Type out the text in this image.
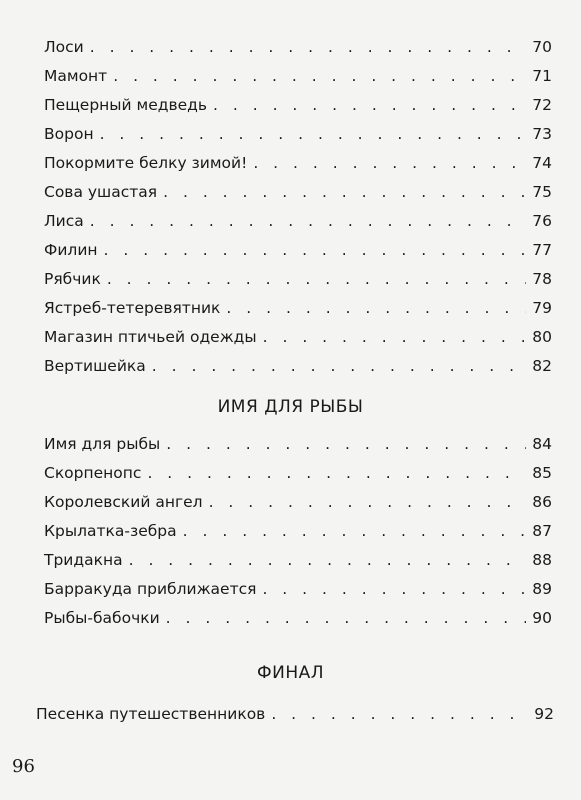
Лоси . . .	70
Мамонт . . .	71
Пещерный медведь . . .	72
Ворон . . .	73
Покормите белку зимой! . . .	74
Сова ушастая . . .	75
Лиса . . .	76
Филин . . .	77
Рябчик . . .	78
Ястреб-тетеревятник . . .	79
Магазин птичьей одежды . . .	80
Вертишейка . . .	82
ИМЯ ДЛЯ РЫБЫ
Имя для рыбы . . .	84
Скорпенопс . . .	85
Королевский ангел . . .	86
Крылатка-зебра . . .	87
Тридакна . . .	88
Барракуда приближается . . .	89
Рыбы-бабочки . . .	90
ФИНАЛ
Песенка путешественников . . .	92
96
